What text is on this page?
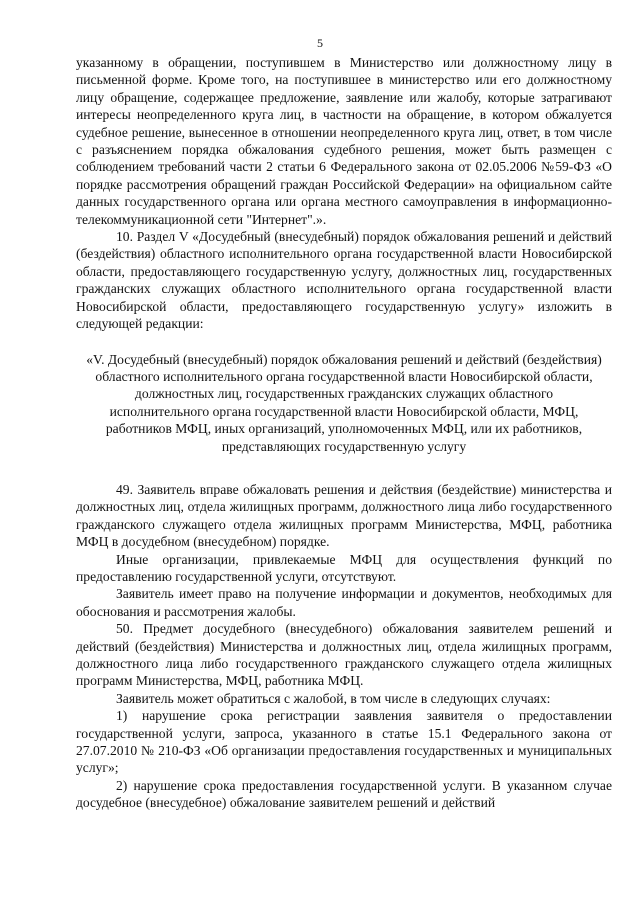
5

указанному в обращении, поступившем в Министерство или должностному лицу в письменной форме. Кроме того, на поступившее в министерство или его должностному лицу обращение, содержащее предложение, заявление или жалобу, которые затрагивают интересы неопределенного круга лиц, в частности на обращение, в котором обжалуется судебное решение, вынесенное в отношении неопределенного круга лиц, ответ, в том числе с разъяснением порядка обжалования судебного решения, может быть размещен с соблюдением требований части 2 статьи 6 Федерального закона от 02.05.2006 №59-ФЗ «О порядке рассмотрения обращений граждан Российской Федерации» на официальном сайте данных государственного органа или органа местного самоуправления в информационно-телекоммуникационной сети "Интернет".».

10. Раздел V «Досудебный (внесудебный) порядок обжалования решений и действий (бездействия) областного исполнительного органа государственной власти Новосибирской области, предоставляющего государственную услугу, должностных лиц, государственных гражданских служащих областного исполнительного органа государственной власти Новосибирской области, предоставляющего государственную услугу» изложить в следующей редакции:

«V. Досудебный (внесудебный) порядок обжалования решений и действий (бездействия) областного исполнительного органа государственной власти Новосибирской области, должностных лиц, государственных гражданских служащих областного исполнительного органа государственной власти Новосибирской области, МФЦ, работников МФЦ, иных организаций, уполномоченных МФЦ, или их работников, представляющих государственную услугу

49. Заявитель вправе обжаловать решения и действия (бездействие) министерства и должностных лиц, отдела жилищных программ, должностного лица либо государственного гражданского служащего отдела жилищных программ Министерства, МФЦ, работника МФЦ в досудебном (внесудебном) порядке.

Иные организации, привлекаемые МФЦ для осуществления функций по предоставлению государственной услуги, отсутствуют.

Заявитель имеет право на получение информации и документов, необходимых для обоснования и рассмотрения жалобы.

50. Предмет досудебного (внесудебного) обжалования заявителем решений и действий (бездействия) Министерства и должностных лиц, отдела жилищных программ, должностного лица либо государственного гражданского служащего отдела жилищных программ Министерства, МФЦ, работника МФЦ.

Заявитель может обратиться с жалобой, в том числе в следующих случаях:

1) нарушение срока регистрации заявления заявителя о предоставлении государственной услуги, запроса, указанного в статье 15.1 Федерального закона от 27.07.2010 № 210-ФЗ «Об организации предоставления государственных и муниципальных услуг»;

2) нарушение срока предоставления государственной услуги. В указанном случае досудебное (внесудебное) обжалование заявителем решений и действий
